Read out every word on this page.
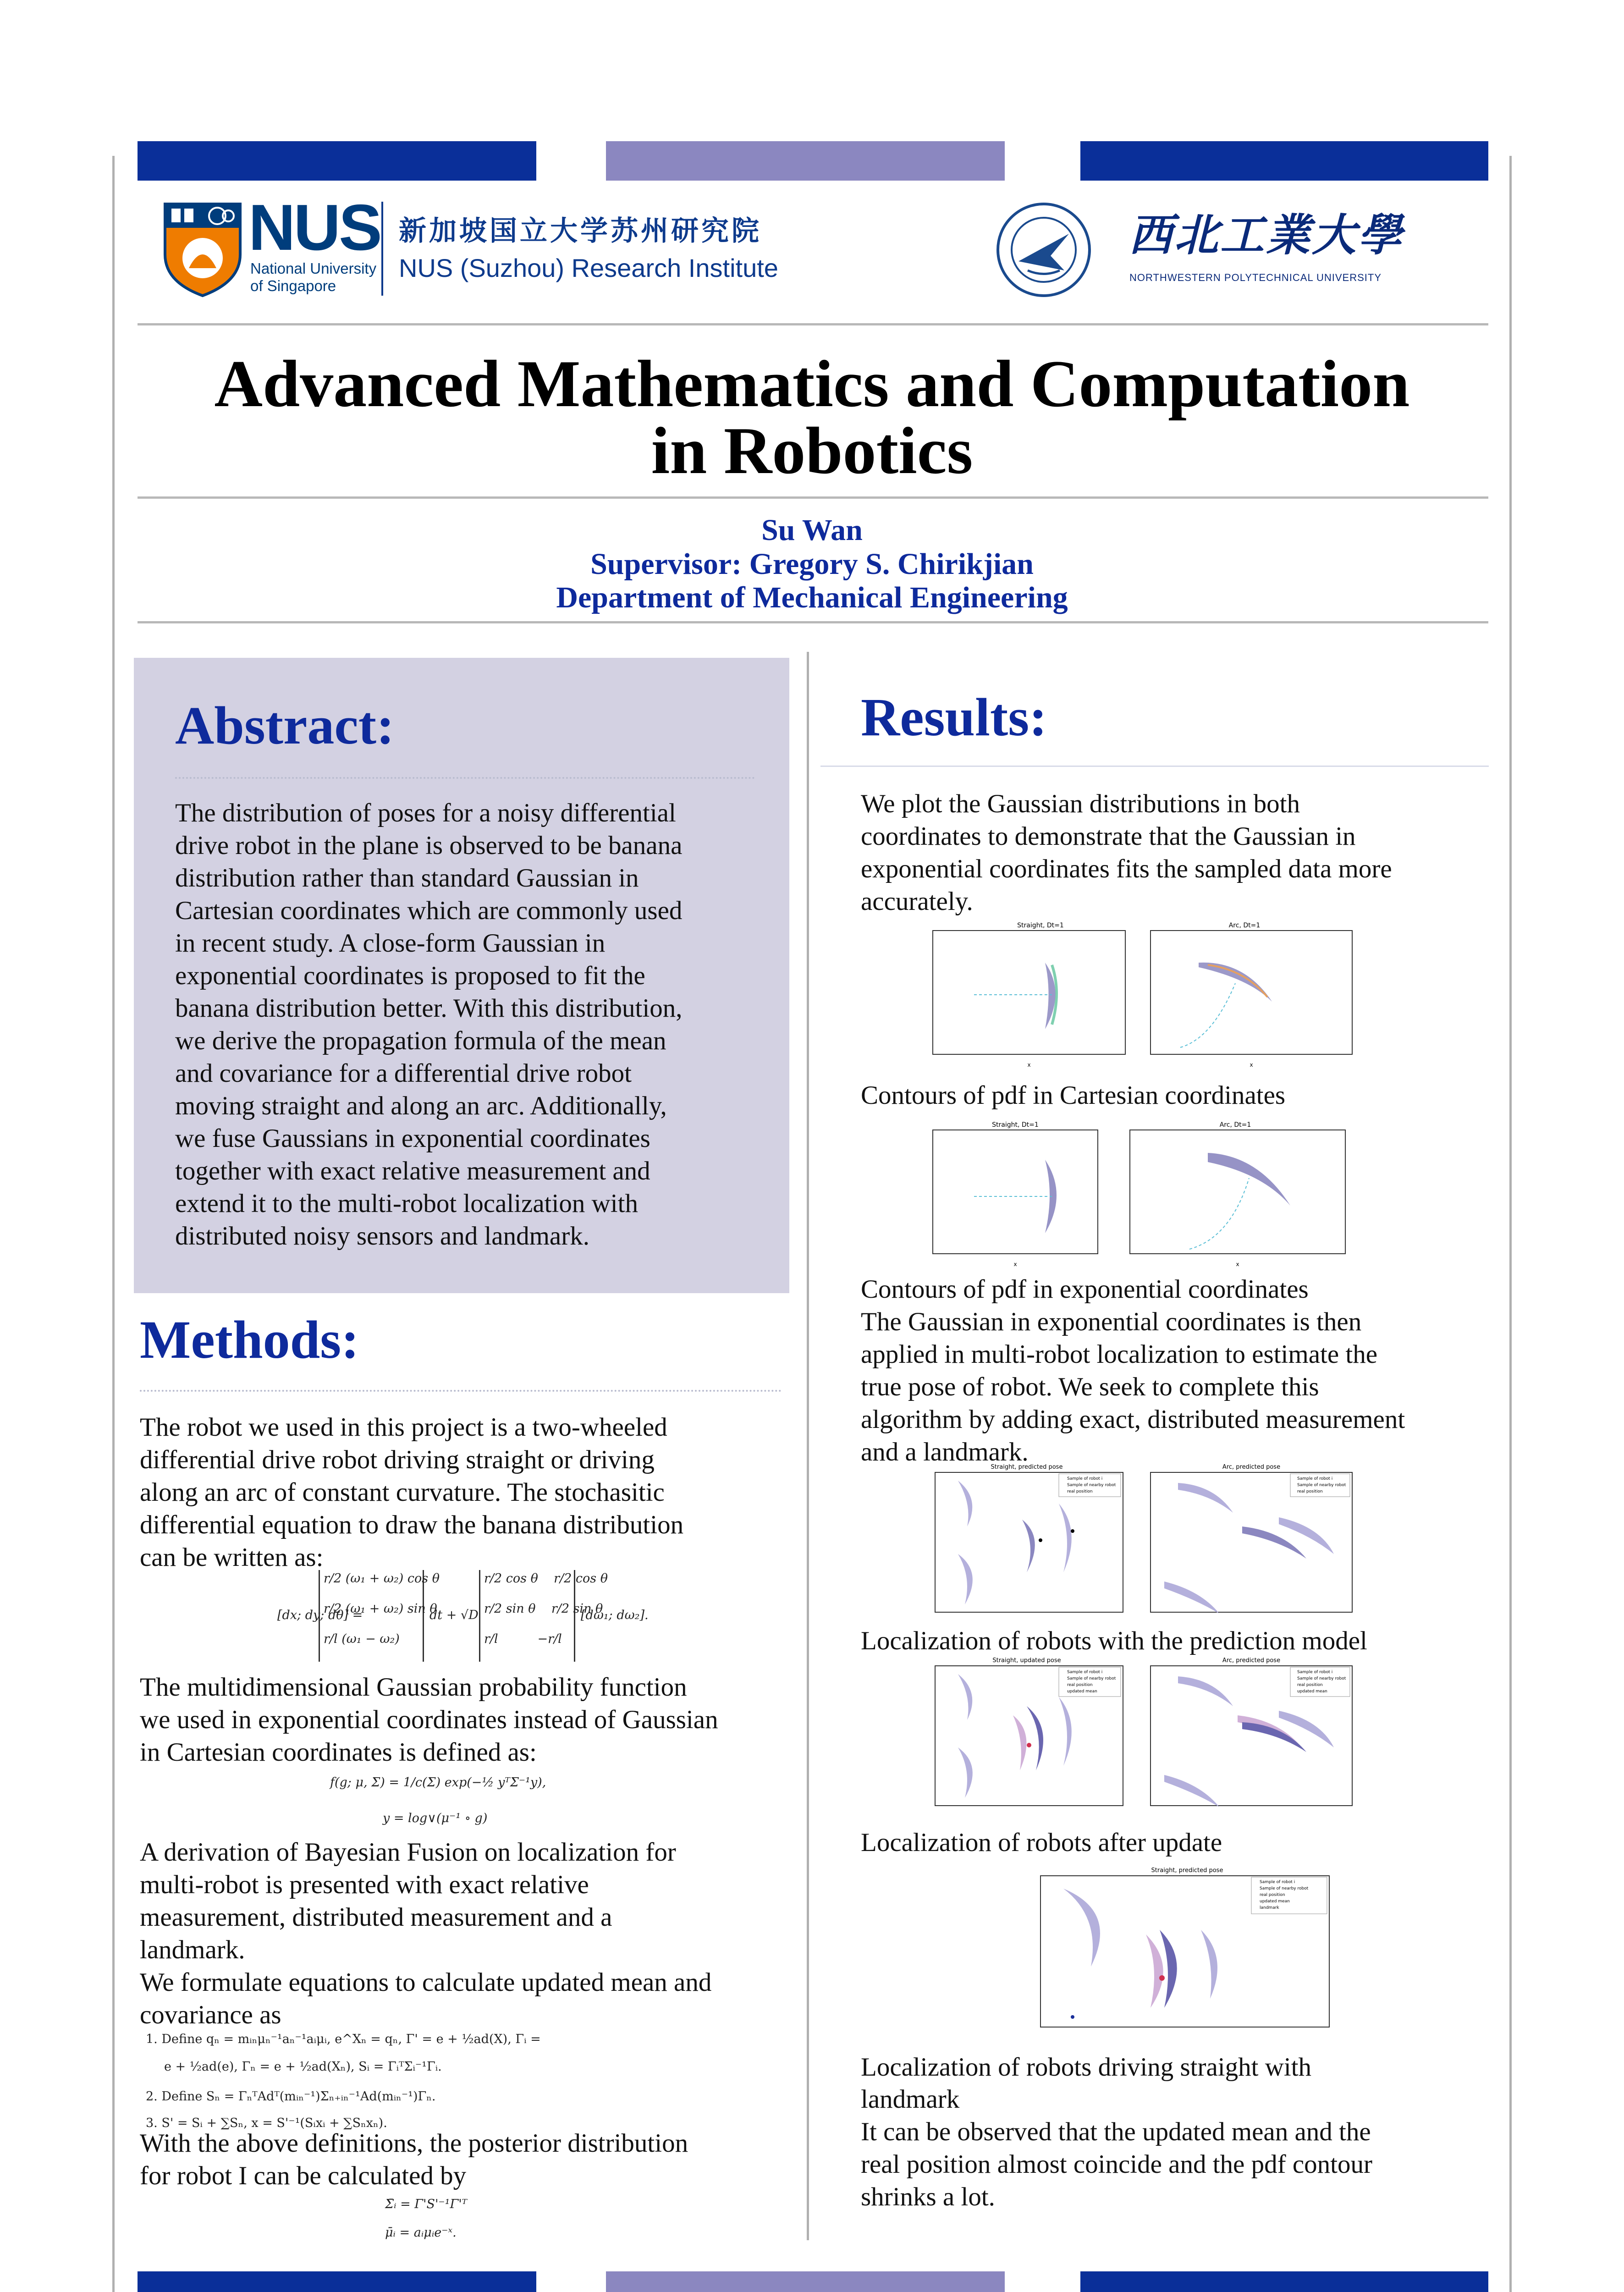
NUS
National University
of Singapore
新加坡国立大学苏州研究院
NUS (Suzhou) Research Institute
西北工業大學
NORTHWESTERN POLYTECHNICAL UNIVERSITY
Advanced Mathematics and Computation
in Robotics
Su Wan
Supervisor: Gregory S. Chirikjian
Department of Mechanical Engineering
Abstract:
The distribution of poses for a noisy differential
drive robot in the plane is observed to be banana
distribution rather than standard Gaussian in
Cartesian coordinates which are commonly used
in recent study. A close-form Gaussian in
exponential coordinates is proposed to fit the
banana distribution better. With this distribution,
we derive the propagation formula of the mean
and covariance for a differential drive robot
moving straight and along an arc. Additionally,
we fuse Gaussians in exponential coordinates
together with exact relative measurement and
extend it to the multi-robot localization with
distributed noisy sensors and landmark.
Methods:
The robot we used in this project is a two-wheeled
differential drive robot driving straight or driving
along an arc of constant curvature. The stochasitic
differential equation to draw the banana distribution
can be written as:
[dx; dy; dθ] =
r/2 (ω₁ + ω₂) cos θ
r/2 (ω₁ + ω₂) sin θ
r/l (ω₁ − ω₂)
dt + √D
r/2 cos θ    r/2 cos θ
r/2 sin θ    r/2 sin θ
r/l          −r/l
[dω₁; dω₂].
The multidimensional Gaussian probability function
we used in exponential coordinates instead of Gaussian
in Cartesian coordinates is defined as:
f(g; μ, Σ) = 1/c(Σ) exp(−½ yᵀΣ⁻¹y),
y = log∨(μ⁻¹ ∘ g)
A derivation of Bayesian Fusion on localization for
multi-robot is presented with exact relative
measurement, distributed measurement and a
landmark.
We formulate equations to calculate updated mean and
covariance as
1. Define qₙ = mᵢₙμₙ⁻¹aₙ⁻¹aᵢμᵢ, e^Xₙ = qₙ, Γ' = e + ½ad(X), Γᵢ =
e + ½ad(e), Γₙ = e + ½ad(Xₙ), Sᵢ = ΓᵢᵀΣᵢ⁻¹Γᵢ.
2. Define Sₙ = ΓₙᵀAdᵀ(mᵢₙ⁻¹)Σₙ₊ᵢₙ⁻¹Ad(mᵢₙ⁻¹)Γₙ.
3. S' = Sᵢ + ∑Sₙ, x = S'⁻¹(Sᵢxᵢ + ∑Sₙxₙ).
With the above definitions, the posterior distribution
for robot I can be calculated by
Σ̄ᵢ = Γ'S'⁻¹Γ'ᵀ
μ̄ᵢ = aᵢμᵢe⁻ˣ.
Results:
We plot the Gaussian distributions in both
coordinates to demonstrate that the Gaussian in
exponential coordinates fits the sampled data more
accurately.
Straight, Dt=1
x
Arc, Dt=1
x
Contours of pdf in Cartesian coordinates
Straight, Dt=1
x
Arc, Dt=1
x
Contours of pdf in exponential coordinates
The Gaussian in exponential coordinates is then
applied in multi-robot localization to estimate the
true pose of robot. We seek to complete this
algorithm by adding exact, distributed measurement
and a landmark.
Straight, predicted pose
Sample of robot i
Sample of nearby robot
real position
Arc, predicted pose
Sample of robot i
Sample of nearby robot
real position
Localization of robots with the prediction model
Straight, updated pose
Sample of robot i
Sample of nearby robot
real position
updated mean
Arc, predicted pose
Sample of robot i
Sample of nearby robot
real position
updated mean
Localization of robots after update
Straight, predicted pose
Sample of robot i
Sample of nearby robot
real position
updated mean
landmark
Localization of robots driving straight with
landmark
It can be observed that the updated mean and the
real position almost coincide and the pdf contour
shrinks a lot.
